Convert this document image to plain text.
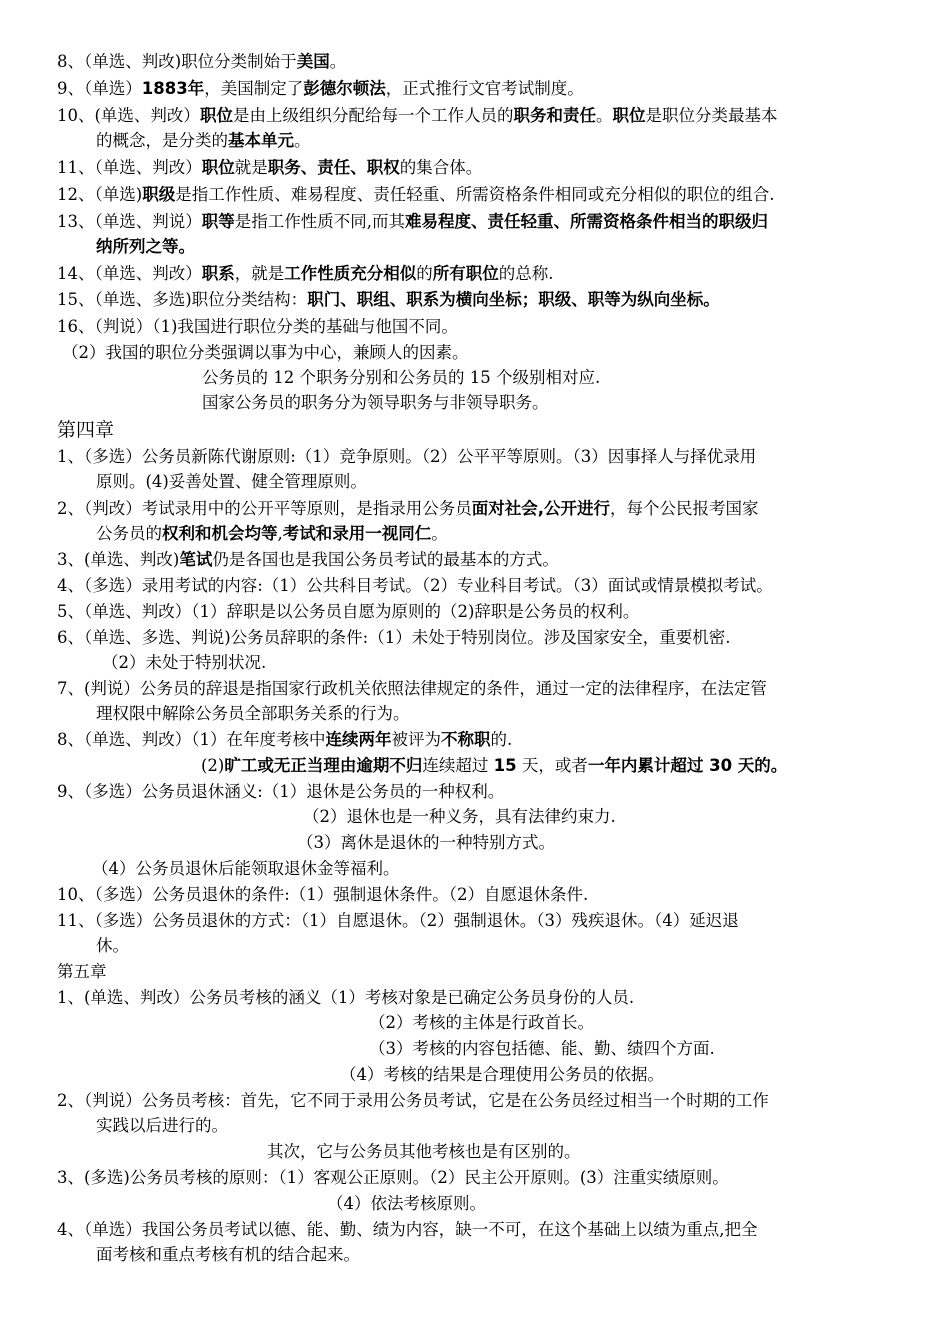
8、（单选、判改)职位分类制始于美国。
9、（单选）1883年，美国制定了彭德尔顿法，正式推行文官考试制度。
10、(单选、判改）职位是由上级组织分配给每一个工作人员的职务和责任。职位是职位分类最基本
的概念，是分类的基本单元。
11、（单选、判改）职位就是职务、责任、职权的集合体。
12、（单选)职级是指工作性质、难易程度、责任轻重、所需资格条件相同或充分相似的职位的组合.
13、（单选、判说）职等是指工作性质不同,而其难易程度、责任轻重、所需资格条件相当的职级归
纳所列之等。
14、（单选、判改）职系，就是工作性质充分相似的所有职位的总称.
15、（单选、多选)职位分类结构：职门、职组、职系为横向坐标；职级、职等为纵向坐标。
16、（判说）（1)我国进行职位分类的基础与他国不同。
（2）我国的职位分类强调以事为中心，兼顾人的因素。
公务员的 12 个职务分别和公务员的 15 个级别相对应.
国家公务员的职务分为领导职务与非领导职务。
第四章
1、（多选）公务员新陈代谢原则:（1）竞争原则。（2）公平平等原则。（3）因事择人与择优录用
原则。(4)妥善处置、健全管理原则。
2、（判改）考试录用中的公开平等原则，是指录用公务员面对社会,公开进行，每个公民报考国家
公务员的权利和机会均等,考试和录用一视同仁。
3、(单选、判改)笔试仍是各国也是我国公务员考试的最基本的方式。
4、（多选）录用考试的内容:（1）公共科目考试。（2）专业科目考试。（3）面试或情景模拟考试。
5、（单选、判改）（1）辞职是以公务员自愿为原则的（2)辞职是公务员的权利。
6、（单选、多选、判说)公务员辞职的条件:（1）未处于特别岗位。涉及国家安全，重要机密.
（2）未处于特别状况.
7、(判说）公务员的辞退是指国家行政机关依照法律规定的条件，通过一定的法律程序，在法定管
理权限中解除公务员全部职务关系的行为。
8、（单选、判改）（1）在年度考核中连续两年被评为不称职的.
(2)旷工或无正当理由逾期不归连续超过 15 天，或者一年内累计超过 30 天的。
9、（多选）公务员退休涵义:（1）退休是公务员的一种权利。
（2）退休也是一种义务，具有法律约束力.
（3）离休是退休的一种特别方式。
（4）公务员退休后能领取退休金等福利。
10、（多选）公务员退休的条件:（1）强制退休条件。（2）自愿退休条件.
11、（多选）公务员退休的方式：（1）自愿退休。（2）强制退休。（3）残疾退休。（4）延迟退
休。
第五章
1、(单选、判改）公务员考核的涵义（1）考核对象是已确定公务员身份的人员.
（2）考核的主体是行政首长。
（3）考核的内容包括德、能、勤、绩四个方面.
（4）考核的结果是合理使用公务员的依据。
2、（判说）公务员考核：首先，它不同于录用公务员考试，它是在公务员经过相当一个时期的工作
实践以后进行的。
其次，它与公务员其他考核也是有区别的。
3、(多选)公务员考核的原则：（1）客观公正原则。（2）民主公开原则。(3）注重实绩原则。
（4）依法考核原则。
4、（单选）我国公务员考试以德、能、勤、绩为内容，缺一不可，在这个基础上以绩为重点,把全
面考核和重点考核有机的结合起来。
